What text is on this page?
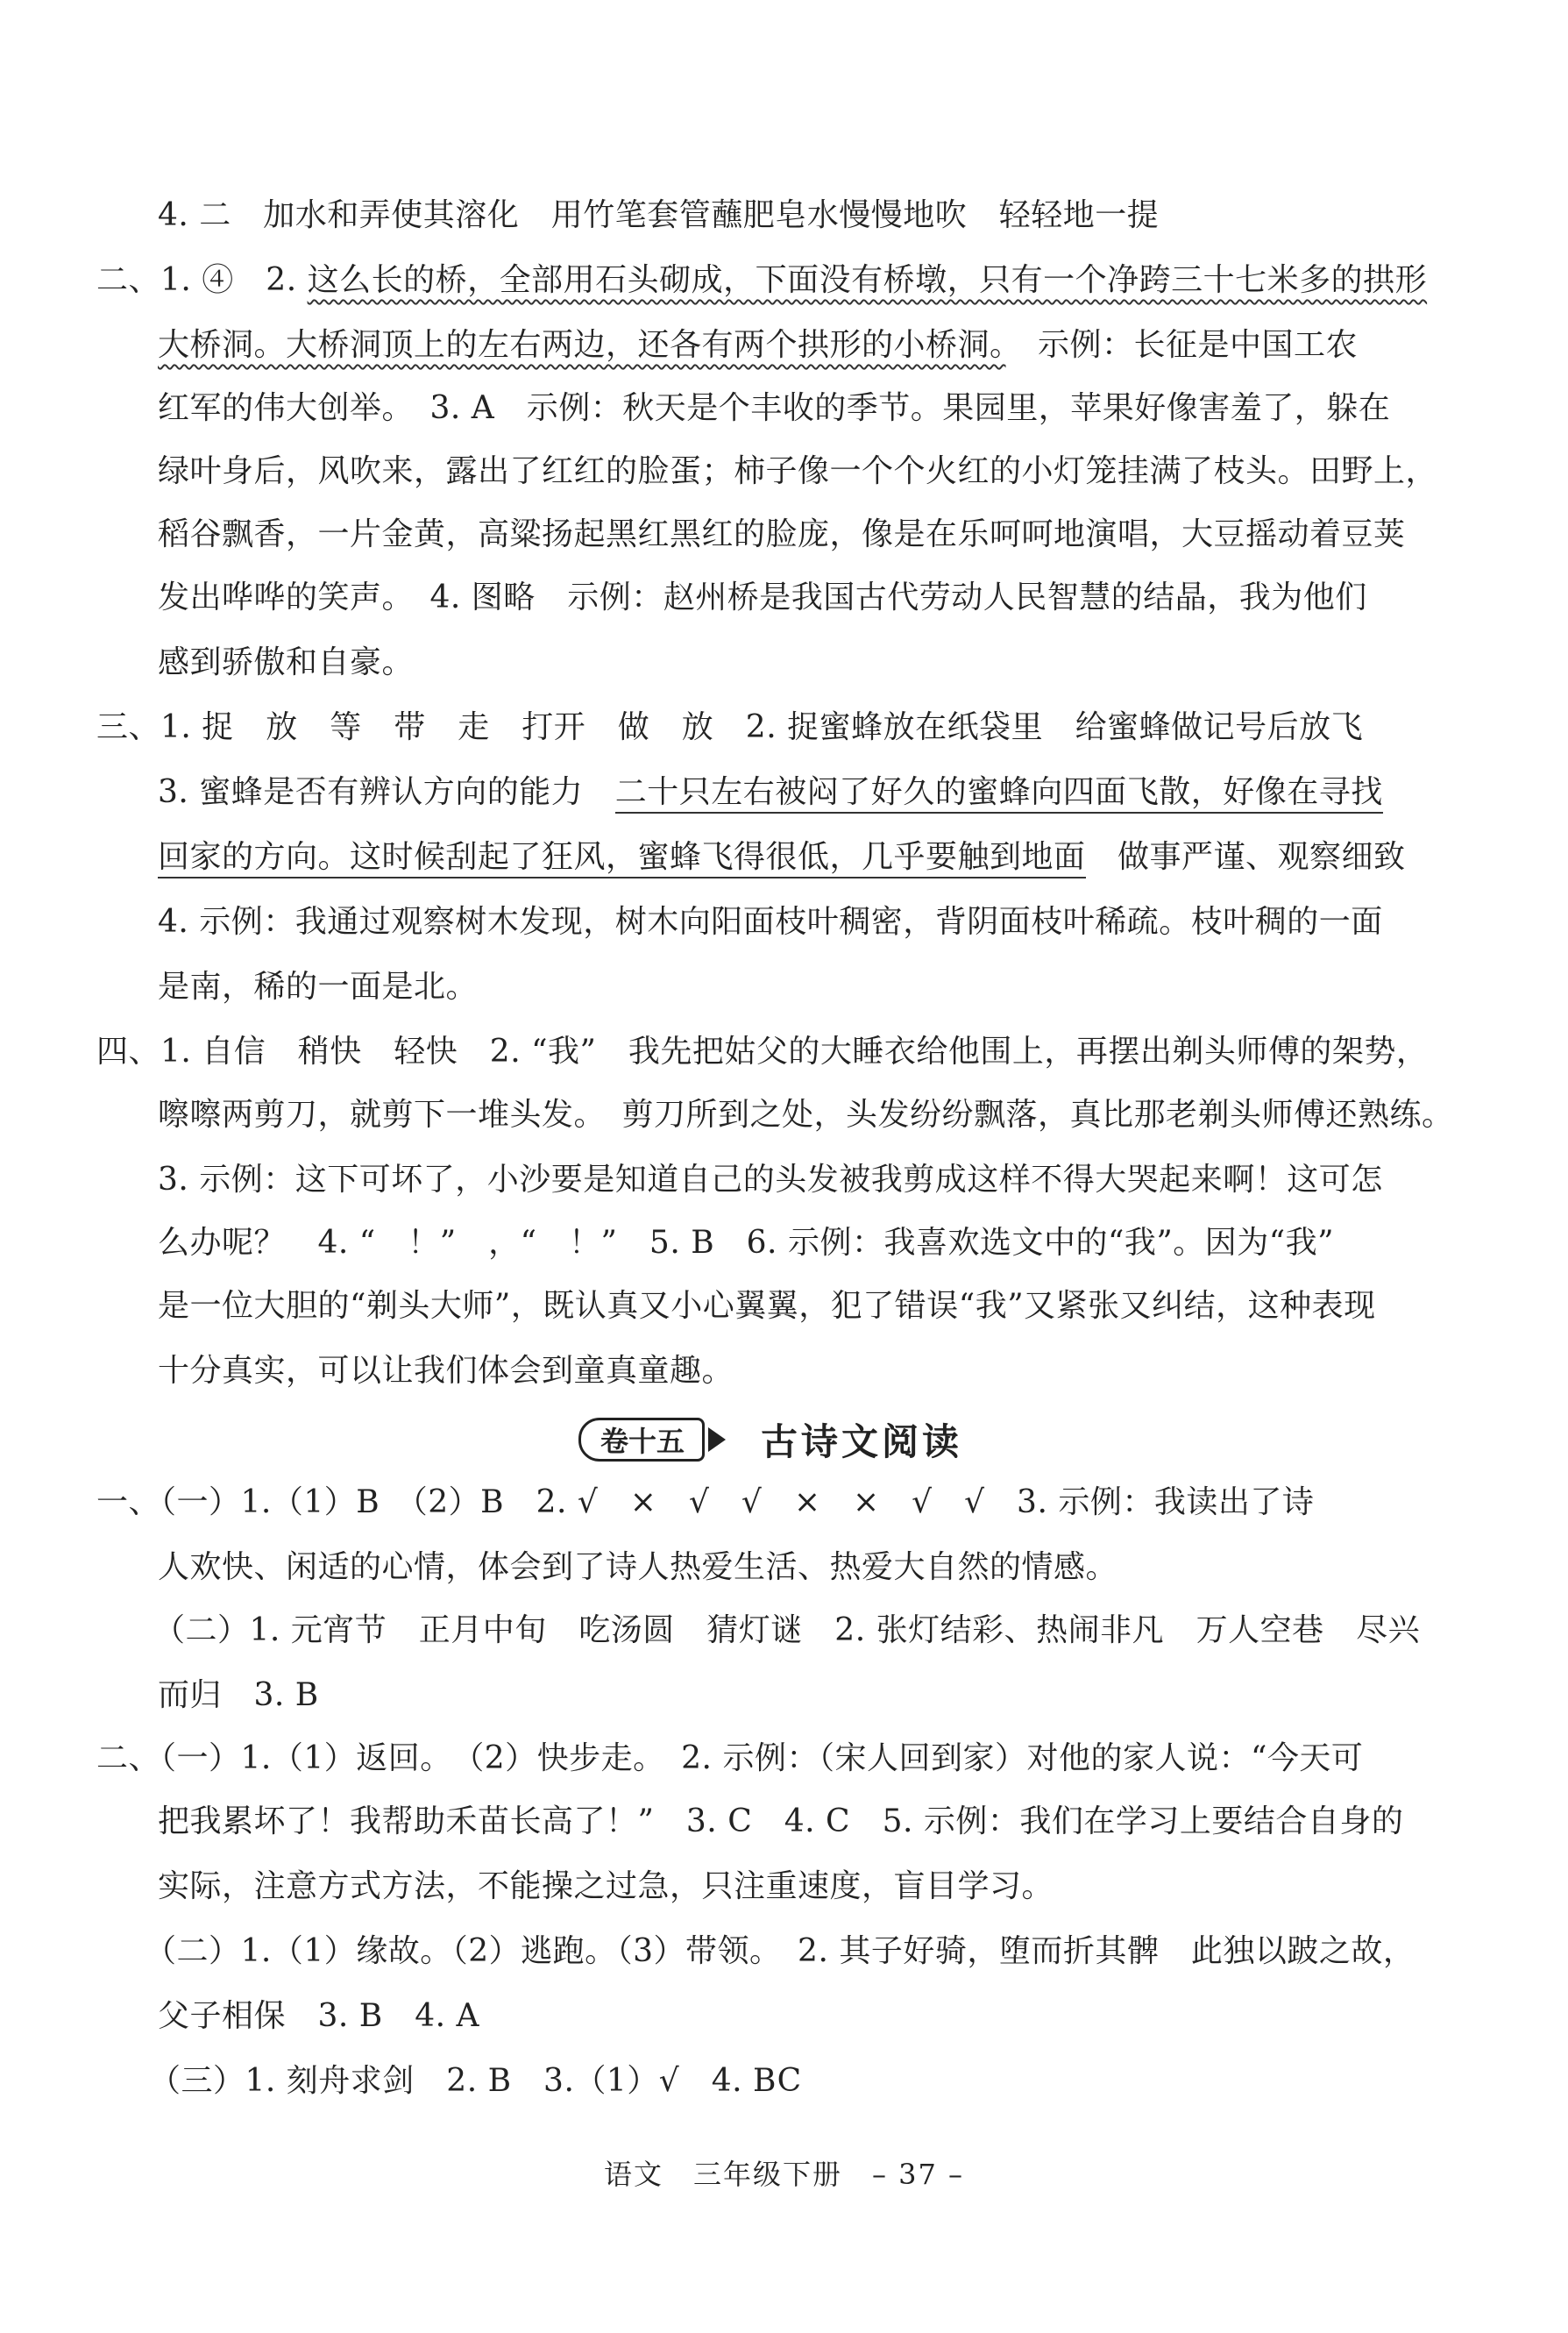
4. 二　加水和弄使其溶化　用竹笔套管蘸肥皂水慢慢地吹　轻轻地一提
二、1. ④　2. 这么长的桥，全部用石头砌成，下面没有桥墩，只有一个净跨三十七米多的拱形
大桥洞。大桥洞顶上的左右两边，还各有两个拱形的小桥洞。　示例：长征是中国工农
红军的伟大创举。　3. A　示例：秋天是个丰收的季节。果园里，苹果好像害羞了，躲在
绿叶身后，风吹来，露出了红红的脸蛋；柿子像一个个火红的小灯笼挂满了枝头。田野上，
稻谷飘香，一片金黄，高粱扬起黑红黑红的脸庞，像是在乐呵呵地演唱，大豆摇动着豆荚
发出哗哗的笑声。　4. 图略　示例：赵州桥是我国古代劳动人民智慧的结晶，我为他们
感到骄傲和自豪。
三、1. 捉　放　等　带　走　打开　做　放　2. 捉蜜蜂放在纸袋里　给蜜蜂做记号后放飞
3. 蜜蜂是否有辨认方向的能力　二十只左右被闷了好久的蜜蜂向四面飞散，好像在寻找
回家的方向。这时候刮起了狂风，蜜蜂飞得很低，几乎要触到地面　做事严谨、观察细致
4. 示例：我通过观察树木发现，树木向阳面枝叶稠密，背阴面枝叶稀疏。枝叶稠的一面
是南，稀的一面是北。
四、1. 自信　稍快　轻快　2. “我”　我先把姑父的大睡衣给他围上，再摆出剃头师傅的架势，
嚓嚓两剪刀，就剪下一堆头发。　剪刀所到之处，头发纷纷飘落，真比那老剃头师傅还熟练。
3. 示例：这下可坏了，小沙要是知道自己的头发被我剪成这样不得大哭起来啊！这可怎
么办呢？　4. “　！”　，“　！”　5. B　6. 示例：我喜欢选文中的“我”。因为“我”
是一位大胆的“剃头大师”，既认真又小心翼翼，犯了错误“我”又紧张又纠结，这种表现
十分真实，可以让我们体会到童真童趣。
卷十五	古诗文阅读
一、（一）1.（1）B　（2）B　2. √　×　√　√　×　×　√　√　3. 示例：我读出了诗
人欢快、闲适的心情，体会到了诗人热爱生活、热爱大自然的情感。
（二）1. 元宵节　正月中旬　吃汤圆　猜灯谜　2. 张灯结彩、热闹非凡　万人空巷　尽兴
而归　3. B
二、（一）1.（1）返回。　（2）快步走。　2. 示例：（宋人回到家）对他的家人说：“今天可
把我累坏了！我帮助禾苗长高了！”　3. C　4. C　5. 示例：我们在学习上要结合自身的
实际，注意方式方法，不能操之过急，只注重速度，盲目学习。
（二）1.（1）缘故。（2）逃跑。（3）带领。　2. 其子好骑，堕而折其髀　此独以跛之故，
父子相保　3. B　4. A
（三）1. 刻舟求剑　2. B　3.（1）√　4. BC
语文　三年级下册　– 37 –
